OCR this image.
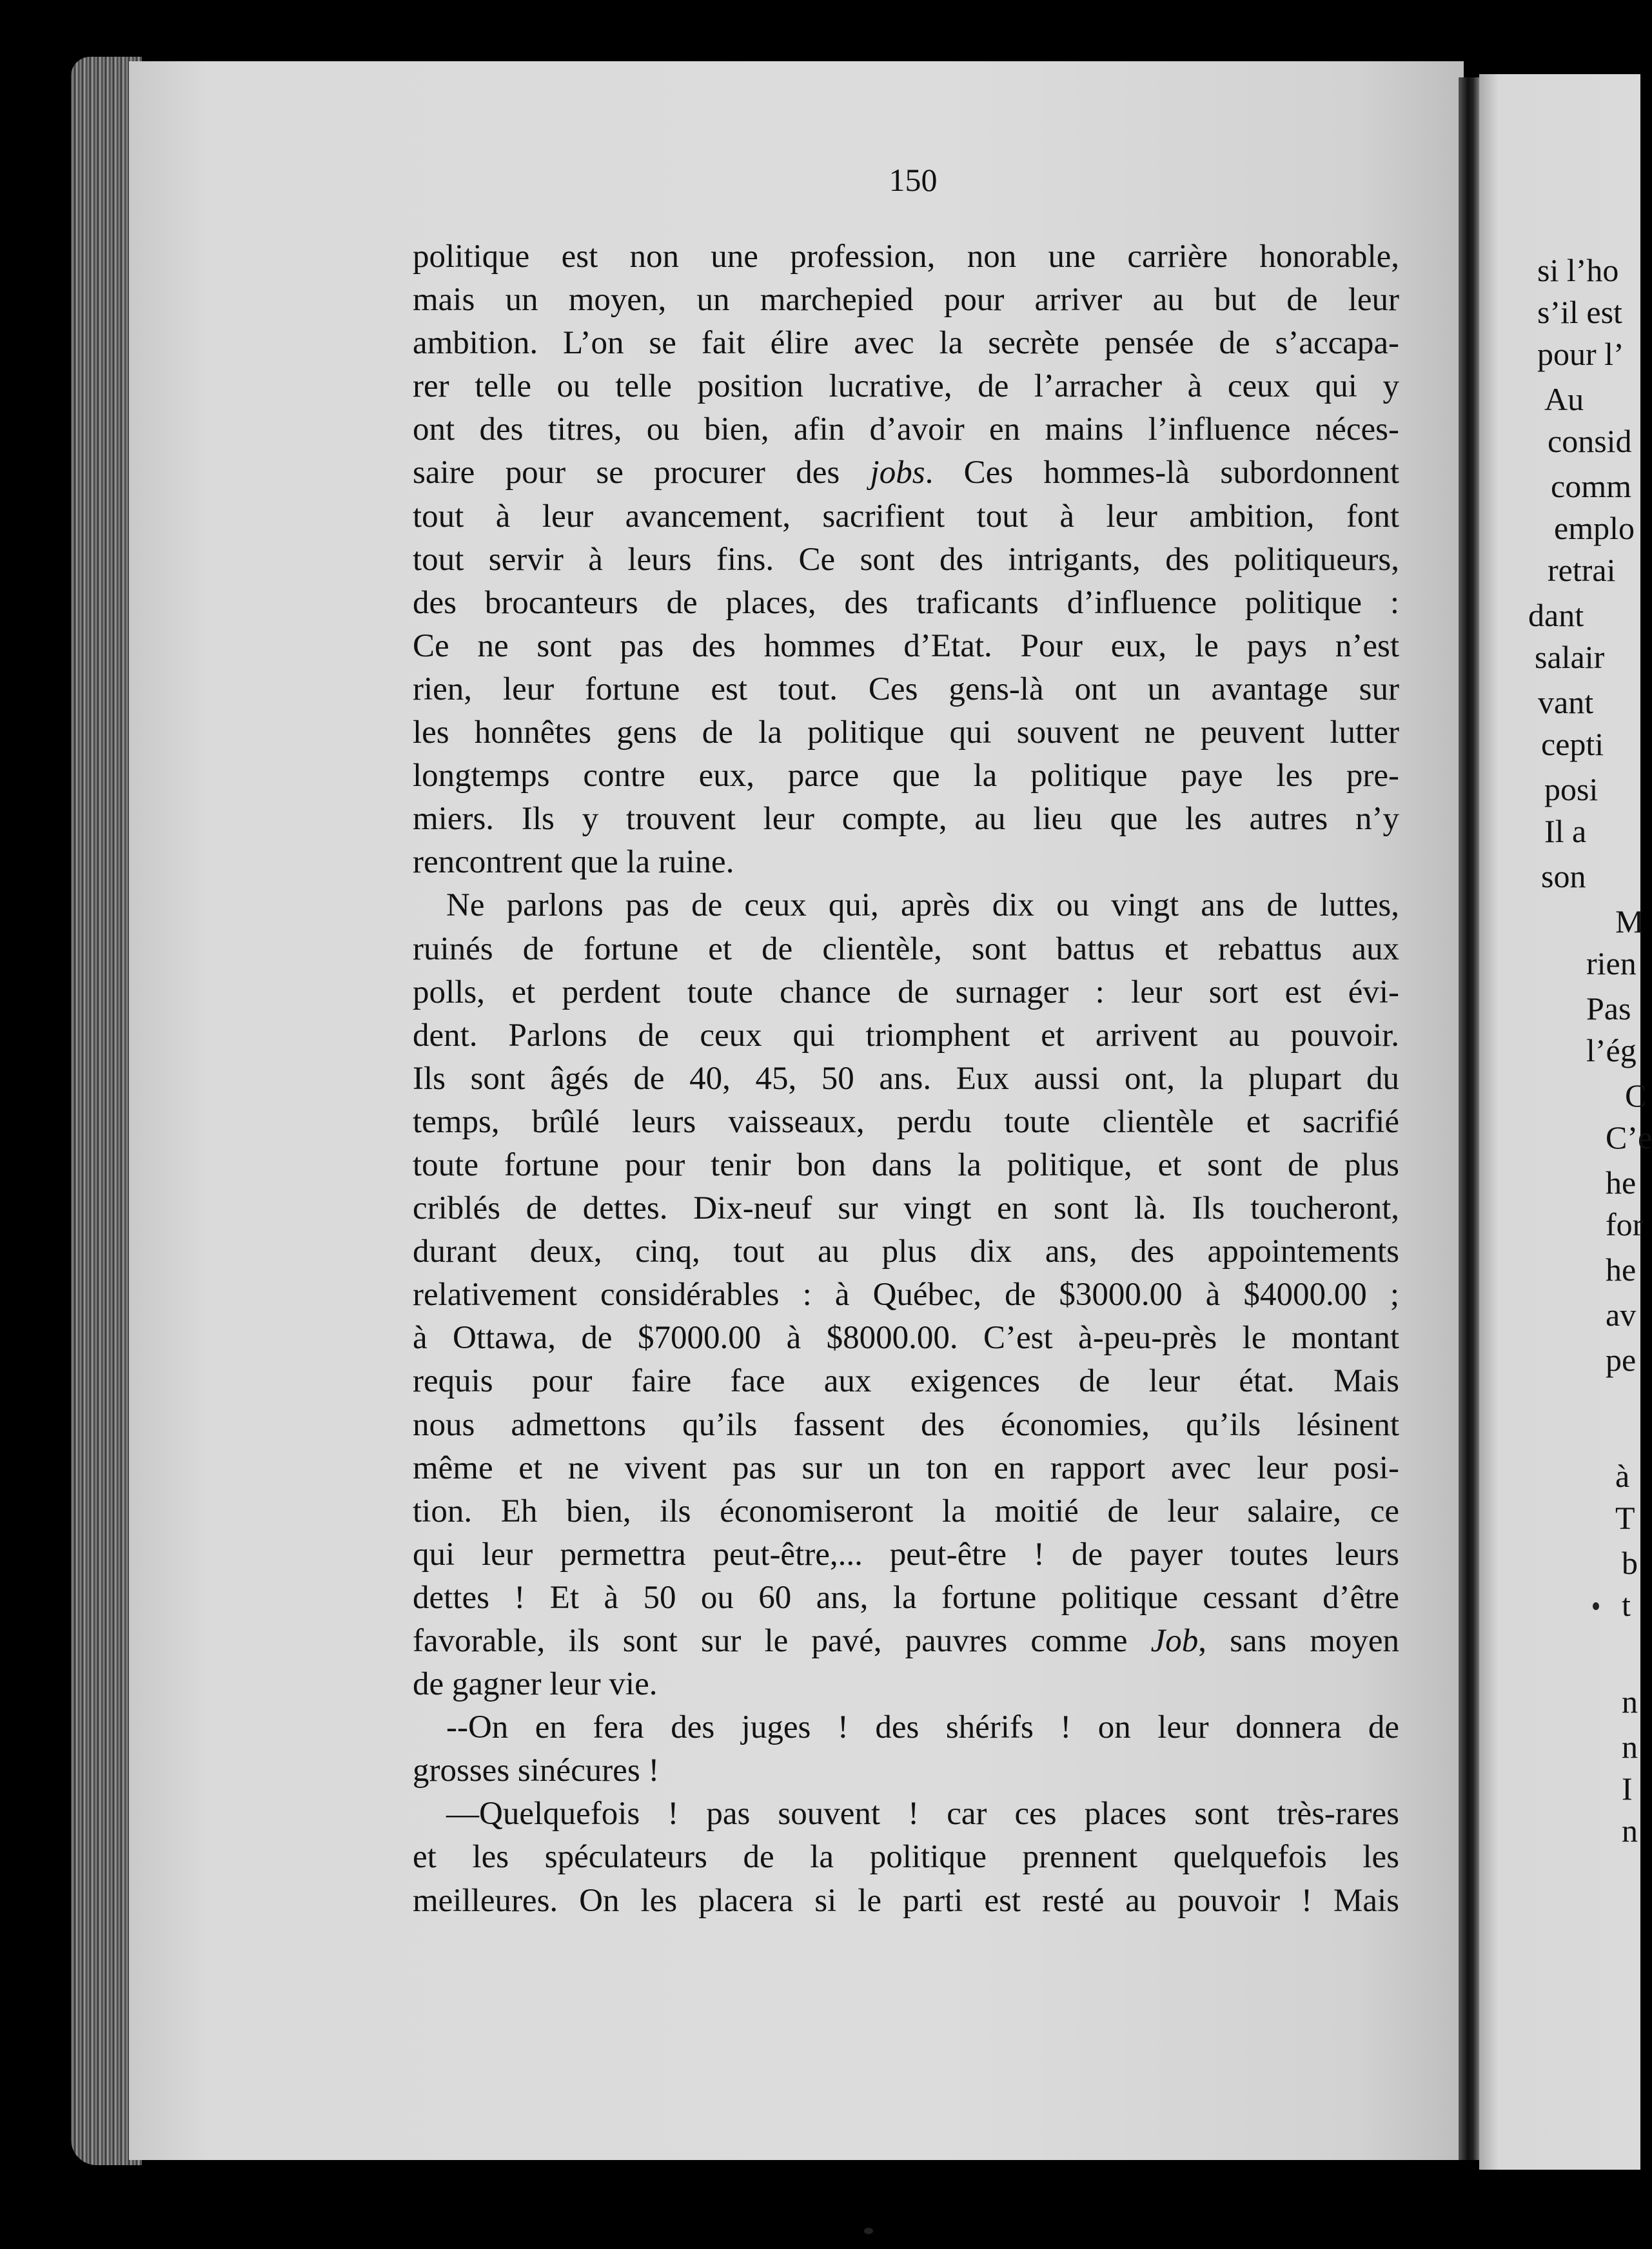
150
politique est non une profession, non une carrière honorable,
mais un moyen, un marchepied pour arriver au but de leur
ambition. L’on se fait élire avec la secrète pensée de s’accapa-
rer telle ou telle position lucrative, de l’arracher à ceux qui y
ont des titres, ou bien, afin d’avoir en mains l’influence néces-
saire pour se procurer des jobs. Ces hommes-là subordonnent
tout à leur avancement, sacrifient tout à leur ambition, font
tout servir à leurs fins. Ce sont des intrigants, des politiqueurs,
des brocanteurs de places, des traficants d’influence politique :
Ce ne sont pas des hommes d’Etat. Pour eux, le pays n’est
rien, leur fortune est tout. Ces gens-là ont un avantage sur
les honnêtes gens de la politique qui souvent ne peuvent lutter
longtemps contre eux, parce que la politique paye les pre-
miers. Ils y trouvent leur compte, au lieu que les autres n’y
rencontrent que la ruine.
Ne parlons pas de ceux qui, après dix ou vingt ans de luttes,
ruinés de fortune et de clientèle, sont battus et rebattus aux
polls, et perdent toute chance de surnager : leur sort est évi-
dent. Parlons de ceux qui triomphent et arrivent au pouvoir.
Ils sont âgés de 40, 45, 50 ans. Eux aussi ont, la plupart du
temps, brûlé leurs vaisseaux, perdu toute clientèle et sacrifié
toute fortune pour tenir bon dans la politique, et sont de plus
criblés de dettes. Dix-neuf sur vingt en sont là. Ils toucheront,
durant deux, cinq, tout au plus dix ans, des appointements
relativement considérables : à Québec, de $3000.00 à $4000.00 ;
à Ottawa, de $7000.00 à $8000.00. C’est à-peu-près le montant
requis pour faire face aux exigences de leur état. Mais
nous admettons qu’ils fassent des économies, qu’ils lésinent
même et ne vivent pas sur un ton en rapport avec leur posi-
tion. Eh bien, ils économiseront la moitié de leur salaire, ce
qui leur permettra peut-être,... peut-être ! de payer toutes leurs
dettes ! Et à 50 ou 60 ans, la fortune politique cessant d’être
favorable, ils sont sur le pavé, pauvres comme Job, sans moyen
de gagner leur vie.
--On en fera des juges ! des shérifs ! on leur donnera de
grosses sinécures !
—Quelquefois ! pas souvent ! car ces places sont très-rares
et les spéculateurs de la politique prennent quelquefois les
meilleures. On les placera si le parti est resté au pouvoir ! Mais
si l’ho
s’il est
pour l’
Au
consid
comm
emplo
retrai
dant
salair
vant
cepti
posi
Il a
son
M
rien
Pas
l’ég
C
C’e
he
for
he
av
pe
à
T
b
t
n
n
I
n
